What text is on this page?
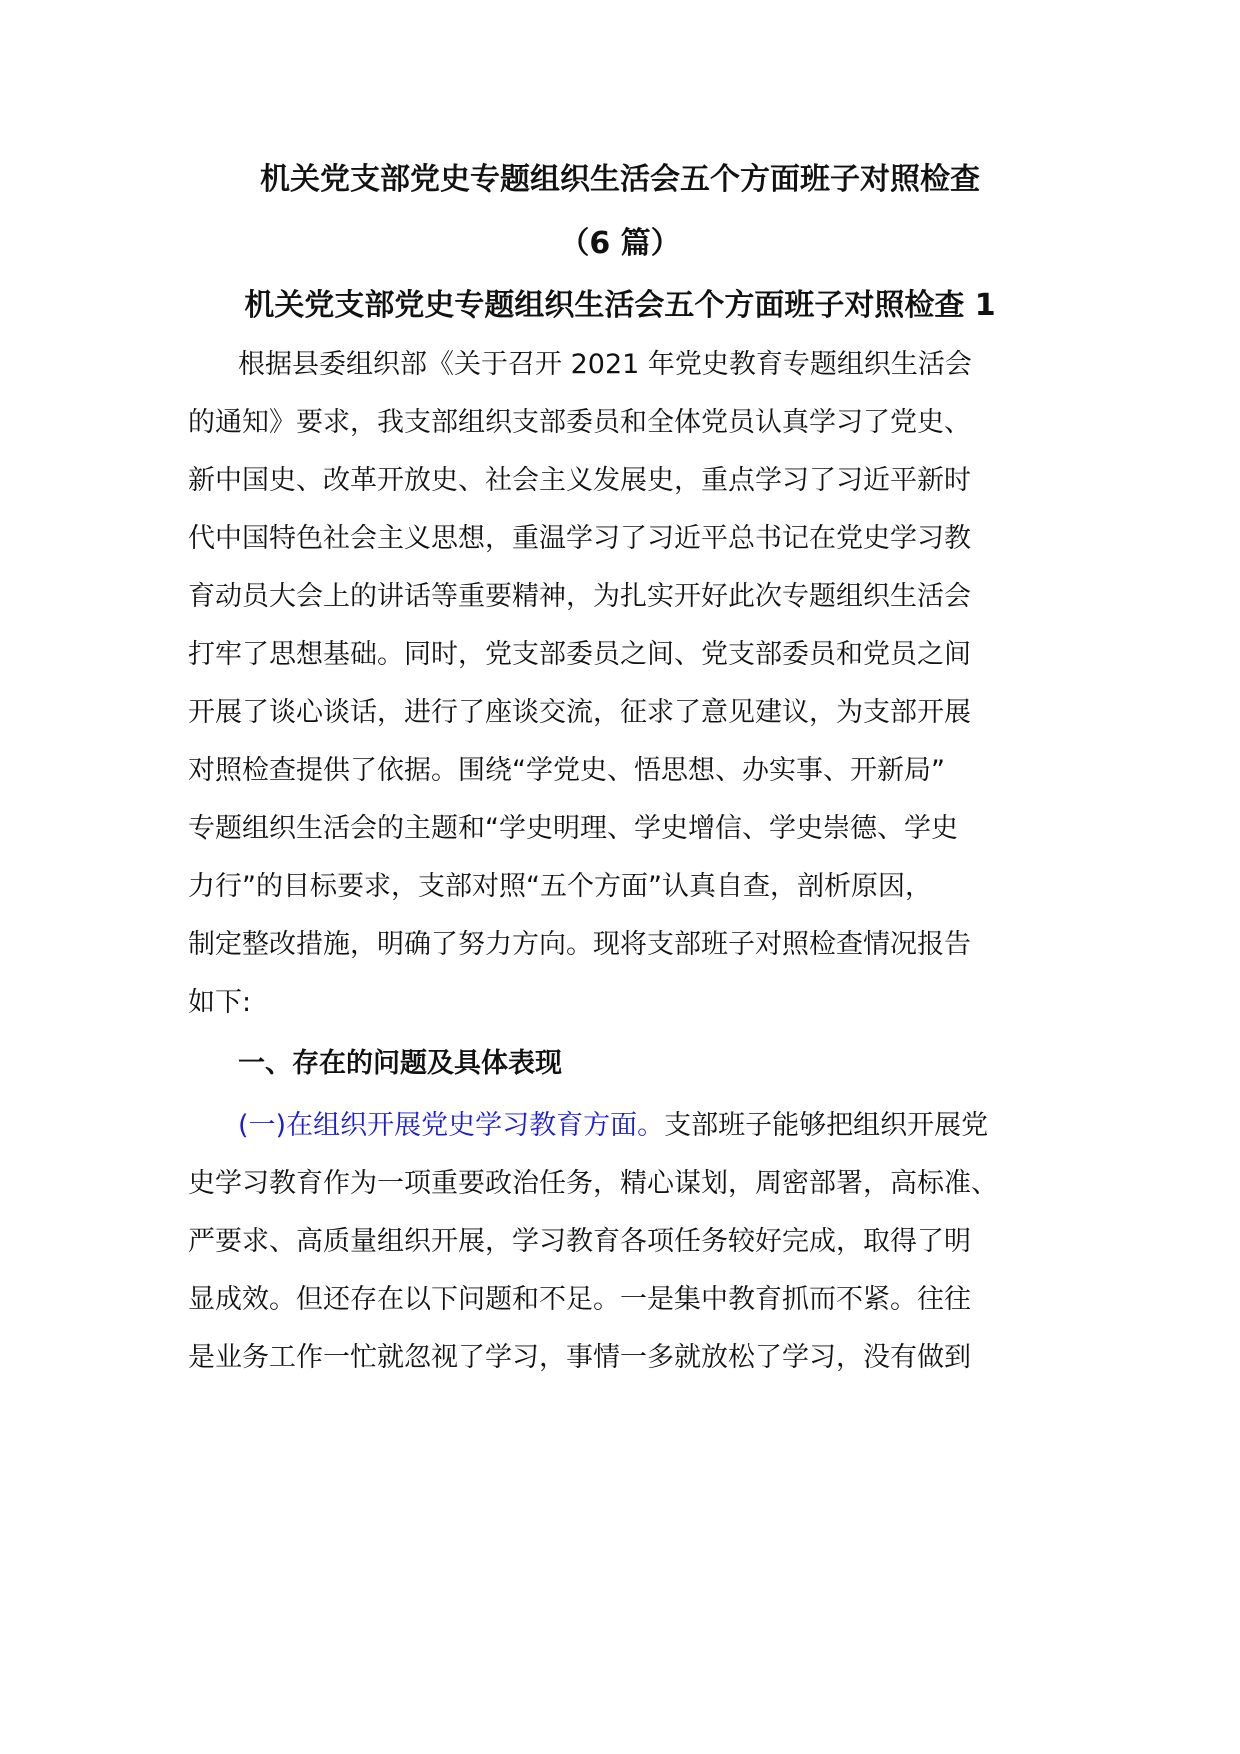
机关党支部党史专题组织生活会五个方面班子对照检查
（6 篇）
机关党支部党史专题组织生活会五个方面班子对照检查 1
根据县委组织部《关于召开 2021 年党史教育专题组织生活会
的通知》要求，我支部组织支部委员和全体党员认真学习了党史、
新中国史、改革开放史、社会主义发展史，重点学习了习近平新时
代中国特色社会主义思想，重温学习了习近平总书记在党史学习教
育动员大会上的讲话等重要精神，为扎实开好此次专题组织生活会
打牢了思想基础。同时，党支部委员之间、党支部委员和党员之间
开展了谈心谈话，进行了座谈交流，征求了意见建议，为支部开展
对照检查提供了依据。围绕“学党史、悟思想、办实事、开新局”
专题组织生活会的主题和“学史明理、学史增信、学史崇德、学史
力行”的目标要求，支部对照“五个方面”认真自查，剖析原因，
制定整改措施，明确了努力方向。现将支部班子对照检查情况报告
如下:
一、存在的问题及具体表现
(一)在组织开展党史学习教育方面。支部班子能够把组织开展党
史学习教育作为一项重要政治任务，精心谋划，周密部署，高标准、
严要求、高质量组织开展，学习教育各项任务较好完成，取得了明
显成效。但还存在以下问题和不足。一是集中教育抓而不紧。往往
是业务工作一忙就忽视了学习，事情一多就放松了学习，没有做到
